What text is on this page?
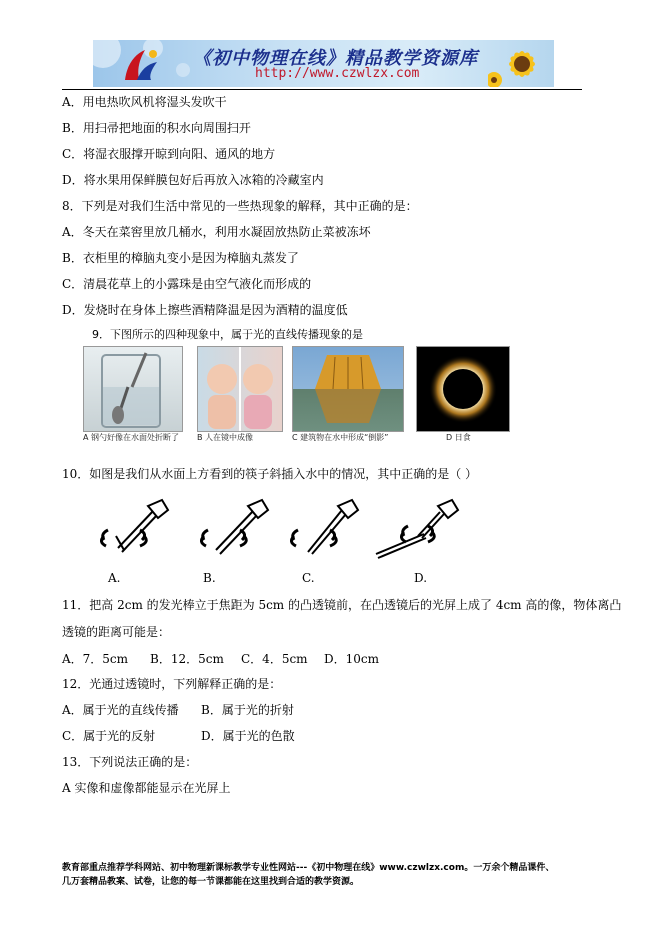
《初中物理在线》精品教学资源库
http://www.czwlzx.com
A．用电热吹风机将湿头发吹干
B．用扫帚把地面的积水向周围扫开
C．将湿衣服撑开晾到向阳、通风的地方
D．将水果用保鲜膜包好后再放入冰箱的冷藏室内
8．下列是对我们生活中常见的一些热现象的解释，其中正确的是：
A．冬天在菜窖里放几桶水，利用水凝固放热防止菜被冻坏
B．衣柜里的樟脑丸变小是因为樟脑丸蒸发了
C．清晨花草上的小露珠是由空气液化而形成的
D．发烧时在身体上擦些酒精降温是因为酒精的温度低
9．下图所示的四种现象中，属于光的直线传播现象的是
A 钢勺好像在水面处折断了 B 人在镜中成像	C 建筑物在水中形成“倒影”	D 日食
10．如图是我们从水面上方看到的筷子斜插入水中的情况，其中正确的是（ ）
A.	B.	C.	D.
11．把高 2cm 的发光棒立于焦距为 5cm 的凸透镜前，在凸透镜后的光屏上成了 4cm 高的像，物体离凸
透镜的距离可能是：
A．7．5cm B．12．5cm C．4．5cm D．10cm
12．光通过透镜时，下列解释正确的是：
A．属于光的直线传播 B．属于光的折射
C．属于光的反射	D．属于光的色散
13．下列说法正确的是：
A 实像和虚像都能显示在光屏上
教育部重点推荐学科网站、初中物理新课标教学专业性网站---《初中物理在线》www.czwlzx.com。一万余个精品课件、
几万套精品教案、试卷，让您的每一节课都能在这里找到合适的教学资源。
